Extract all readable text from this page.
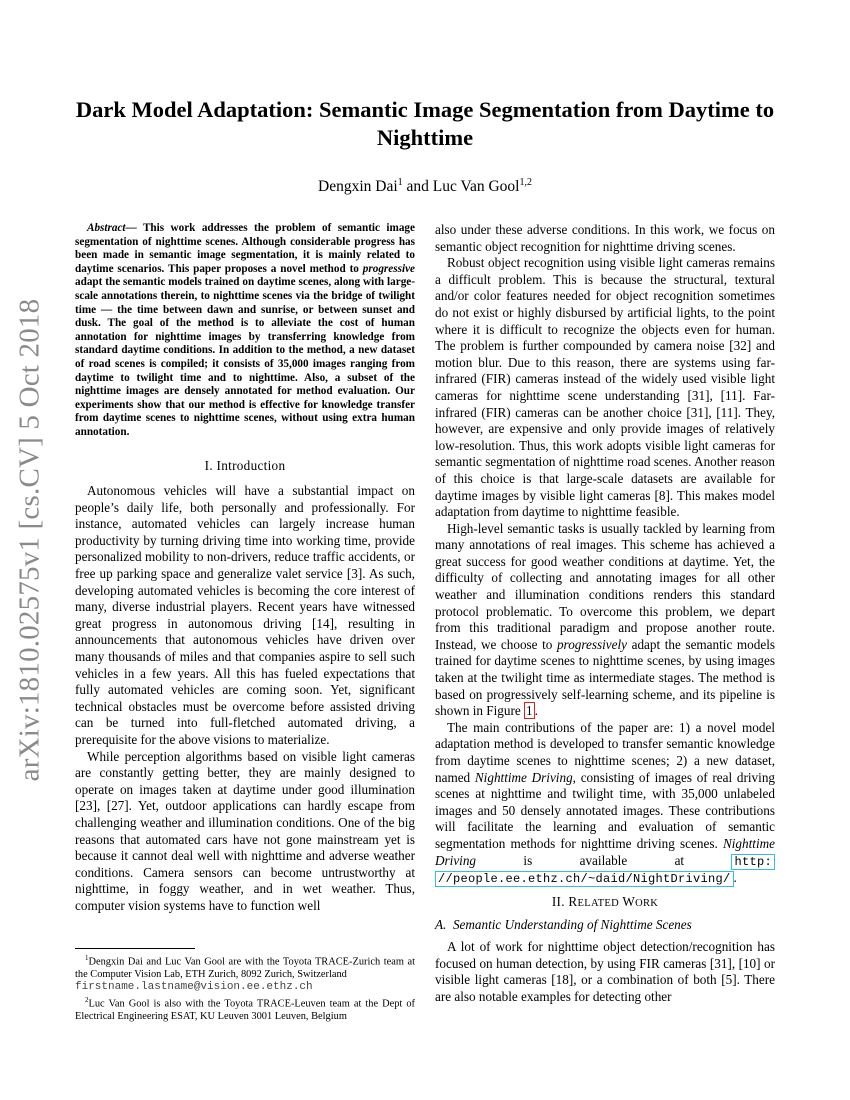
arXiv:1810.02575v1 [cs.CV] 5 Oct 2018
Dark Model Adaptation: Semantic Image Segmentation from Daytime to Nighttime
Dengxin Dai$^1$ and Luc Van Gool$^{1,2}$

Abstract— This work addresses the problem of semantic image segmentation of nighttime scenes. Although considerable progress has been made in semantic image segmentation, it is mainly related to daytime scenarios. This paper proposes a novel method to progressive adapt the semantic models trained on daytime scenes, along with large-scale annotations therein, to nighttime scenes via the bridge of twilight time — the time between dawn and sunrise, or between sunset and dusk. The goal of the method is to alleviate the cost of human annotation for nighttime images by transferring knowledge from standard daytime conditions. In addition to the method, a new dataset of road scenes is compiled; it consists of 35,000 images ranging from daytime to twilight time and to nighttime. Also, a subset of the nighttime images are densely annotated for method evaluation. Our experiments show that our method is effective for knowledge transfer from daytime scenes to nighttime scenes, without using extra human annotation.

I. Introduction

Autonomous vehicles will have a substantial impact on people’s daily life, both personally and professionally. For instance, automated vehicles can largely increase human productivity by turning driving time into working time, provide personalized mobility to non-drivers, reduce traffic accidents, or free up parking space and generalize valet service [3]. As such, developing automated vehicles is becoming the core interest of many, diverse industrial players. Recent years have witnessed great progress in autonomous driving [14], resulting in announcements that autonomous vehicles have driven over many thousands of miles and that companies aspire to sell such vehicles in a few years. All this has fueled expectations that fully automated vehicles are coming soon. Yet, significant technical obstacles must be overcome before assisted driving can be turned into full-fletched automated driving, a prerequisite for the above visions to materialize.

While perception algorithms based on visible light cameras are constantly getting better, they are mainly designed to operate on images taken at daytime under good illumination [23], [27]. Yet, outdoor applications can hardly escape from challenging weather and illumination conditions. One of the big reasons that automated cars have not gone mainstream yet is because it cannot deal well with nighttime and adverse weather conditions. Camera sensors can become untrustworthy at nighttime, in foggy weather, and in wet weather. Thus, computer vision systems have to function well

$^1$Dengxin Dai and Luc Van Gool are with the Toyota TRACE-Zurich team at the Computer Vision Lab, ETH Zurich, 8092 Zurich, Switzerland
firstname.lastname@vision.ee.ethz.ch

$^2$Luc Van Gool is also with the Toyota TRACE-Leuven team at the Dept of Electrical Engineering ESAT, KU Leuven 3001 Leuven, Belgium

also under these adverse conditions. In this work, we focus on semantic object recognition for nighttime driving scenes.

Robust object recognition using visible light cameras remains a difficult problem. This is because the structural, textural and/or color features needed for object recognition sometimes do not exist or highly disbursed by artificial lights, to the point where it is difficult to recognize the objects even for human. The problem is further compounded by camera noise [32] and motion blur. Due to this reason, there are systems using far-infrared (FIR) cameras instead of the widely used visible light cameras for nighttime scene understanding [31], [11]. Far-infrared (FIR) cameras can be another choice [31], [11]. They, however, are expensive and only provide images of relatively low-resolution. Thus, this work adopts visible light cameras for semantic segmentation of nighttime road scenes. Another reason of this choice is that large-scale datasets are available for daytime images by visible light cameras [8]. This makes model adaptation from daytime to nighttime feasible.

High-level semantic tasks is usually tackled by learning from many annotations of real images. This scheme has achieved a great success for good weather conditions at daytime. Yet, the difficulty of collecting and annotating images for all other weather and illumination conditions renders this standard protocol problematic. To overcome this problem, we depart from this traditional paradigm and propose another route. Instead, we choose to progressively adapt the semantic models trained for daytime scenes to nighttime scenes, by using images taken at the twilight time as intermediate stages. The method is based on progressively self-learning scheme, and its pipeline is shown in Figure 1 .

The main contributions of the paper are: 1) a novel model adaptation method is developed to transfer semantic knowledge from daytime scenes to nighttime scenes; 2) a new dataset, named Nighttime Driving, consisting of images of real driving scenes at nighttime and twilight time, with 35,000 unlabeled images and 50 densely annotated images. These contributions will facilitate the learning and evaluation of semantic segmentation methods for nighttime driving scenes. Nighttime Driving is available at http: //people.ee.ethz.ch/~daid/NightDriving/ .

II. RELATED WORK
A.  Semantic Understanding of Nighttime Scenes

A lot of work for nighttime object detection/recognition has focused on human detection, by using FIR cameras [31], [10] or visible light cameras [18], or a combination of both [5]. There are also notable examples for detecting other
